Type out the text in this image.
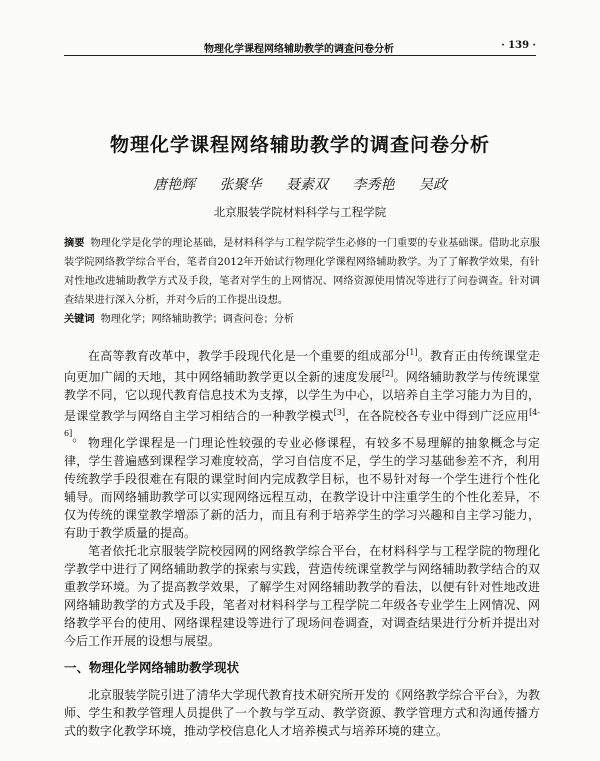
物理化学课程网络辅助教学的调查问卷分析	· 139 ·
物理化学课程网络辅助教学的调查问卷分析
唐艳辉 张聚华 聂素双 李秀艳 吴政
北京服装学院材料科学与工程学院
摘要 物理化学是化学的理论基础，是材料科学与工程学院学生必修的一门重要的专业基础课。借助北京服装学院网络教学综合平台，笔者自2012年开始试行物理化学课程网络辅助教学。为了了解教学效果，有针对性地改进辅助教学方式及手段，笔者对学生的上网情况、网络资源使用情况等进行了问卷调查。针对调查结果进行深入分析，并对今后的工作提出设想。
关键词 物理化学；网络辅助教学；调查问卷；分析

在高等教育改革中，教学手段现代化是一个重要的组成部分[1]。教育正由传统课堂走向更加广阔的天地，其中网络辅助教学更以全新的速度发展[2]。网络辅助教学与传统课堂教学不同，它以现代教育信息技术为支撑，以学生为中心，以培养自主学习能力为目的，是课堂教学与网络自主学习相结合的一种教学模式[3]，在各院校各专业中得到广泛应用[4-6]。 物理化学课程是一门理论性较强的专业必修课程，有较多不易理解的抽象概念与定律，学生普遍感到课程学习难度较高，学习自信度不足，学生的学习基础参差不齐，利用传统教学手段很难在有限的课堂时间内完成教学目标，也不易针对每一个学生进行个性化辅导。而网络辅助教学可以实现网络远程互动，在教学设计中注重学生的个性化差异，不仅为传统的课堂教学增添了新的活力，而且有利于培养学生的学习兴趣和自主学习能力，有助于教学质量的提高。

笔者依托北京服装学院校园网的网络教学综合平台，在材料科学与工程学院的物理化学教学中进行了网络辅助教学的探索与实践，营造传统课堂教学与网络辅助教学结合的双重教学环境。为了提高教学效果，了解学生对网络辅助教学的看法，以便有针对性地改进网络辅助教学的方式及手段，笔者对材料科学与工程学院二年级各专业学生上网情况、网络教学平台的使用、网络课程建设等进行了现场问卷调查，对调查结果进行分析并提出对今后工作开展的设想与展望。

一、物理化学网络辅助教学现状

北京服装学院引进了清华大学现代教育技术研究所开发的《网络教学综合平台》，为教师、学生和教学管理人员提供了一个教与学互动、教学资源、教学管理方式和沟通传播方式的数字化教学环境，推动学校信息化人才培养模式与培养环境的建立。
